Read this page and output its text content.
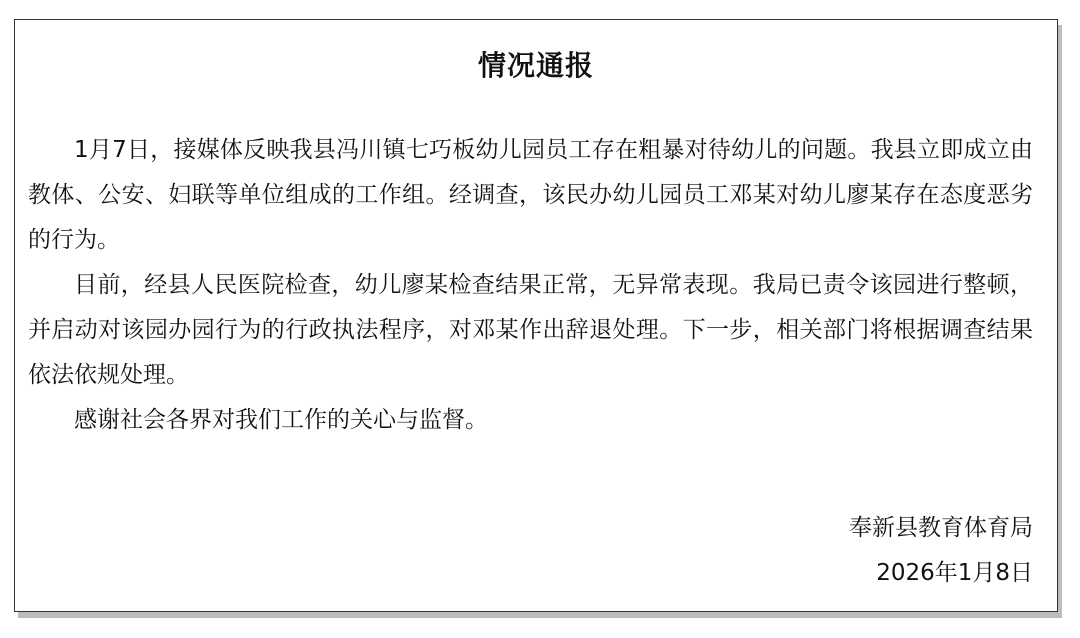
情况通报

1月7日，接媒体反映我县冯川镇七巧板幼儿园员工存在粗暴对待幼儿的问题。我县立即成立由教体、公安、妇联等单位组成的工作组。经调查，该民办幼儿园员工邓某对幼儿廖某存在态度恶劣的行为。

目前，经县人民医院检查，幼儿廖某检查结果正常，无异常表现。我局已责令该园进行整顿，并启动对该园办园行为的行政执法程序，对邓某作出辞退处理。下一步，相关部门将根据调查结果依法依规处理。

感谢社会各界对我们工作的关心与监督。

奉新县教育体育局
2026年1月8日
